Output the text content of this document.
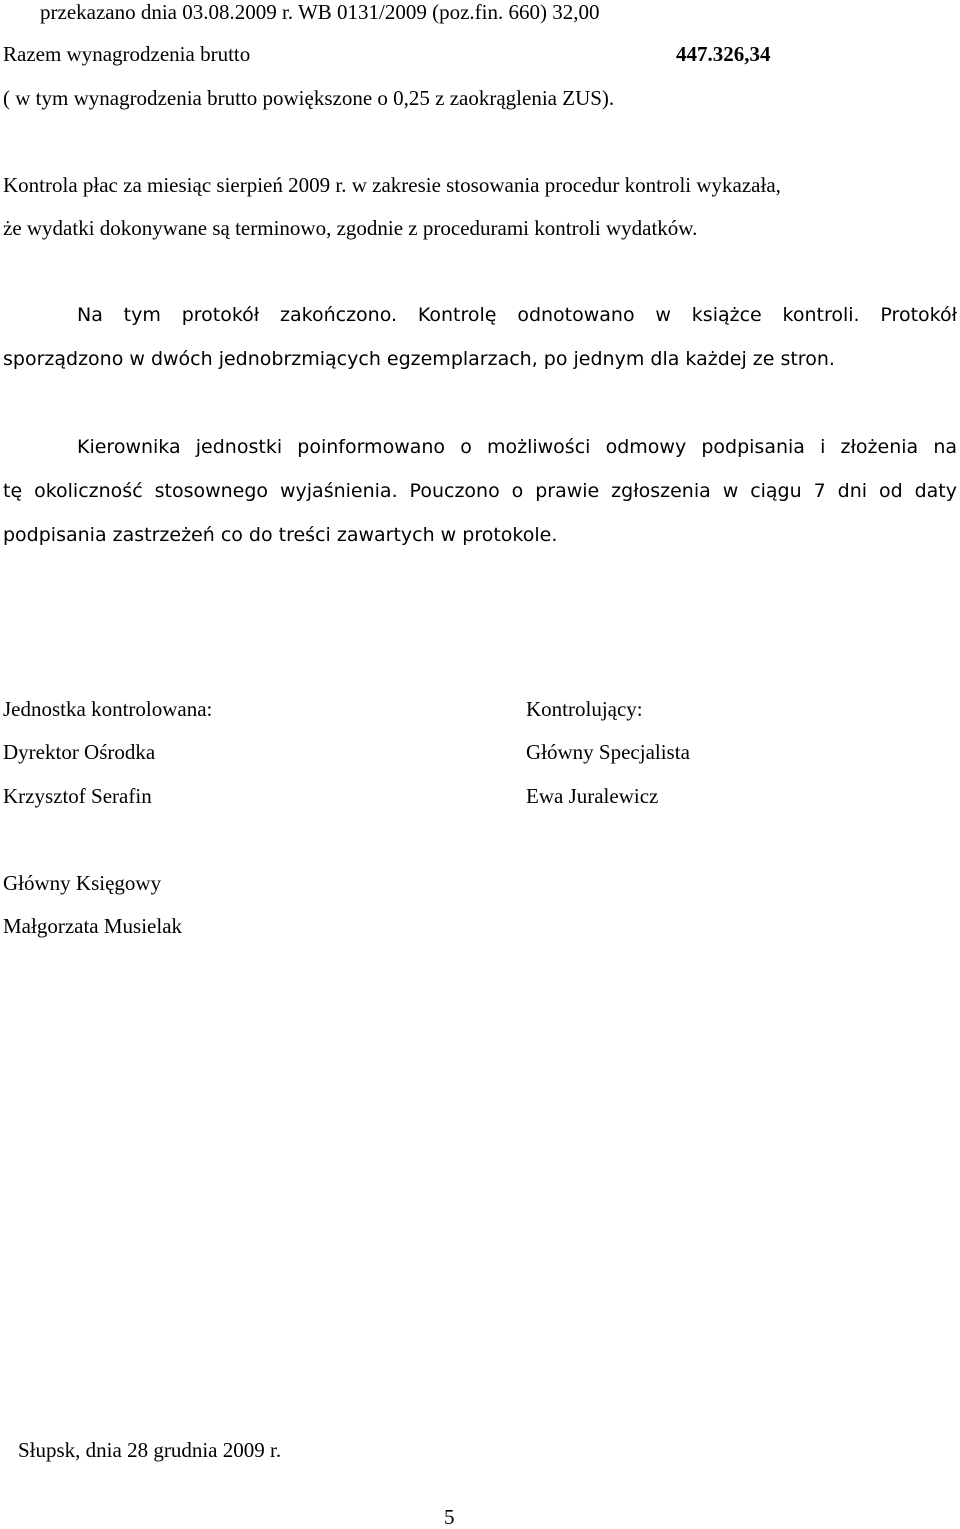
przekazano dnia 03.08.2009 r. WB 0131/2009 (poz.fin. 660) 32,00
Razem wynagrodzenia brutto	447.326,34
( w tym wynagrodzenia brutto powiększone o 0,25 z zaokrąglenia ZUS).
Kontrola płac za miesiąc sierpień 2009 r. w zakresie stosowania procedur kontroli wykazała,
że wydatki dokonywane są terminowo, zgodnie z procedurami kontroli wydatków.
Na tym protokół zakończono. Kontrolę odnotowano w książce kontroli. Protokół
sporządzono w dwóch jednobrzmiących egzemplarzach, po jednym dla każdej ze stron.
Kierownika jednostki poinformowano o możliwości odmowy podpisania i złożenia na
tę okoliczność stosownego wyjaśnienia. Pouczono o prawie zgłoszenia w ciągu 7 dni od daty
podpisania zastrzeżeń co do treści zawartych w protokole.
Jednostka kontrolowana:
Dyrektor Ośrodka
Krzysztof Serafin
Kontrolujący:
Główny Specjalista
Ewa Juralewicz
Główny Księgowy
Małgorzata Musielak
Słupsk, dnia 28 grudnia 2009 r.
5
